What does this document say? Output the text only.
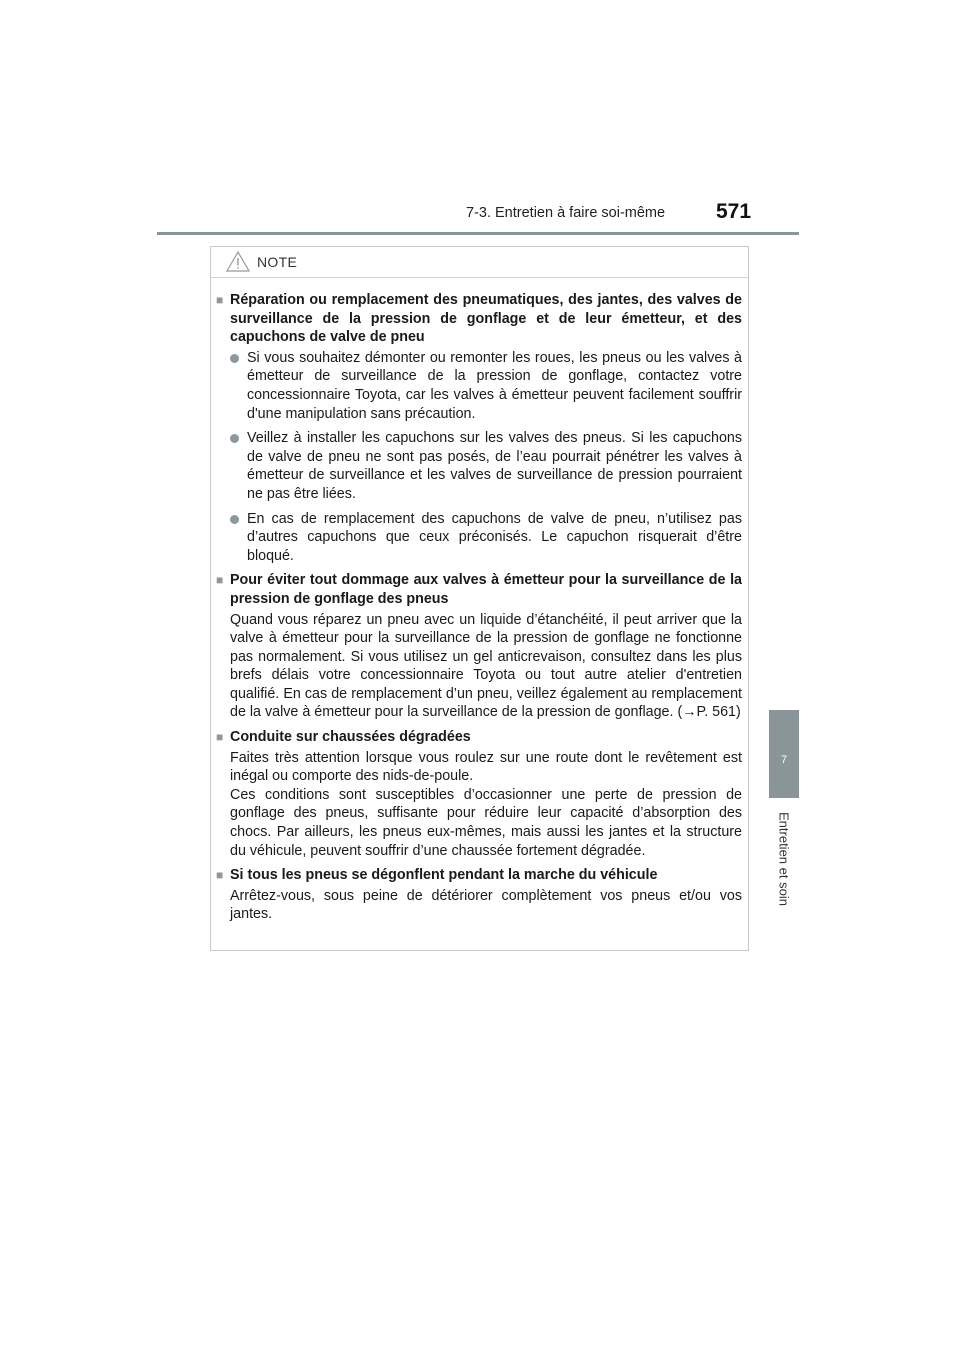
7-3. Entretien à faire soi-même 571
7
Entretien et soin
NOTE
■ Réparation ou remplacement des pneumatiques, des jantes, des valves de surveillance de la pression de gonflage et de leur émetteur, et des capuchons de valve de pneu
Si vous souhaitez démonter ou remonter les roues, les pneus ou les valves à émetteur de surveillance de la pression de gonflage, contactez votre concessionnaire Toyota, car les valves à émetteur peuvent facilement souffrir d'une manipulation sans précaution.
Veillez à installer les capuchons sur les valves des pneus. Si les capuchons de valve de pneu ne sont pas posés, de l’eau pourrait pénétrer les valves à émetteur de surveillance et les valves de surveillance de pression pourraient ne pas être liées.
En cas de remplacement des capuchons de valve de pneu, n’utilisez pas d’autres capuchons que ceux préconisés. Le capuchon risquerait d’être bloqué.
■ Pour éviter tout dommage aux valves à émetteur pour la surveillance de la pression de gonflage des pneus
Quand vous réparez un pneu avec un liquide d’étanchéité, il peut arriver que la valve à émetteur pour la surveillance de la pression de gonflage ne fonctionne pas normalement. Si vous utilisez un gel anticrevaison, consultez dans les plus brefs délais votre concessionnaire Toyota ou tout autre atelier d'entretien qualifié. En cas de remplacement d’un pneu, veillez également au remplacement de la valve à émetteur pour la surveillance de la pression de gonflage. (→P. 561)
■ Conduite sur chaussées dégradées
Faites très attention lorsque vous roulez sur une route dont le revêtement est inégal ou comporte des nids-de-poule.
Ces conditions sont susceptibles d’occasionner une perte de pression de gonflage des pneus, suffisante pour réduire leur capacité d’absorption des chocs. Par ailleurs, les pneus eux-mêmes, mais aussi les jantes et la structure du véhicule, peuvent souffrir d’une chaussée fortement dégradée.
■ Si tous les pneus se dégonflent pendant la marche du véhicule
Arrêtez-vous, sous peine de détériorer complètement vos pneus et/ou vos jantes.
